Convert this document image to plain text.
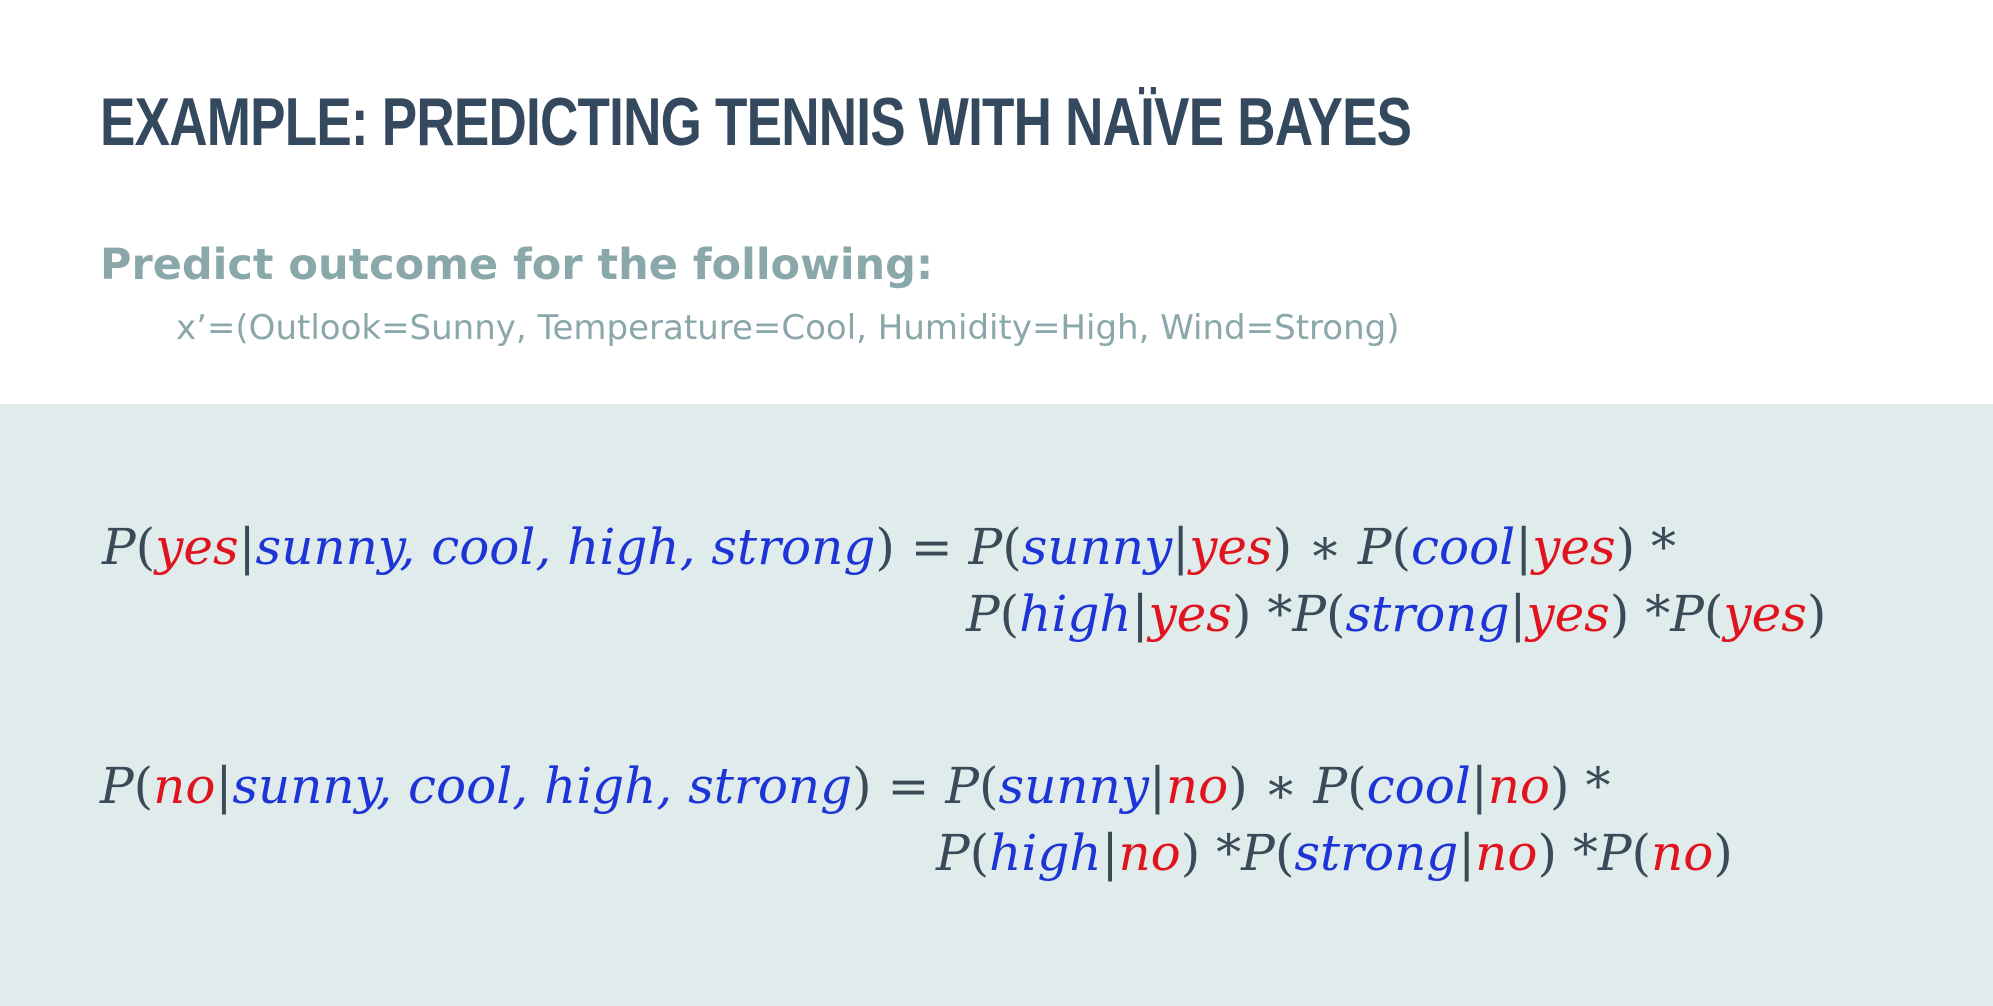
EXAMPLE: PREDICTING TENNIS WITH NAÏVE BAYES

Predict outcome for the following:

x’=(Outlook=Sunny, Temperature=Cool, Humidity=High, Wind=Strong)

P(yes|sunny, cool, high, strong) = P(sunny|yes) ∗ P(cool|yes) *

P(high|yes) *P(strong|yes) *P(yes)

P(no|sunny, cool, high, strong) = P(sunny|no) ∗ P(cool|no) *

P(high|no) *P(strong|no) *P(no)
